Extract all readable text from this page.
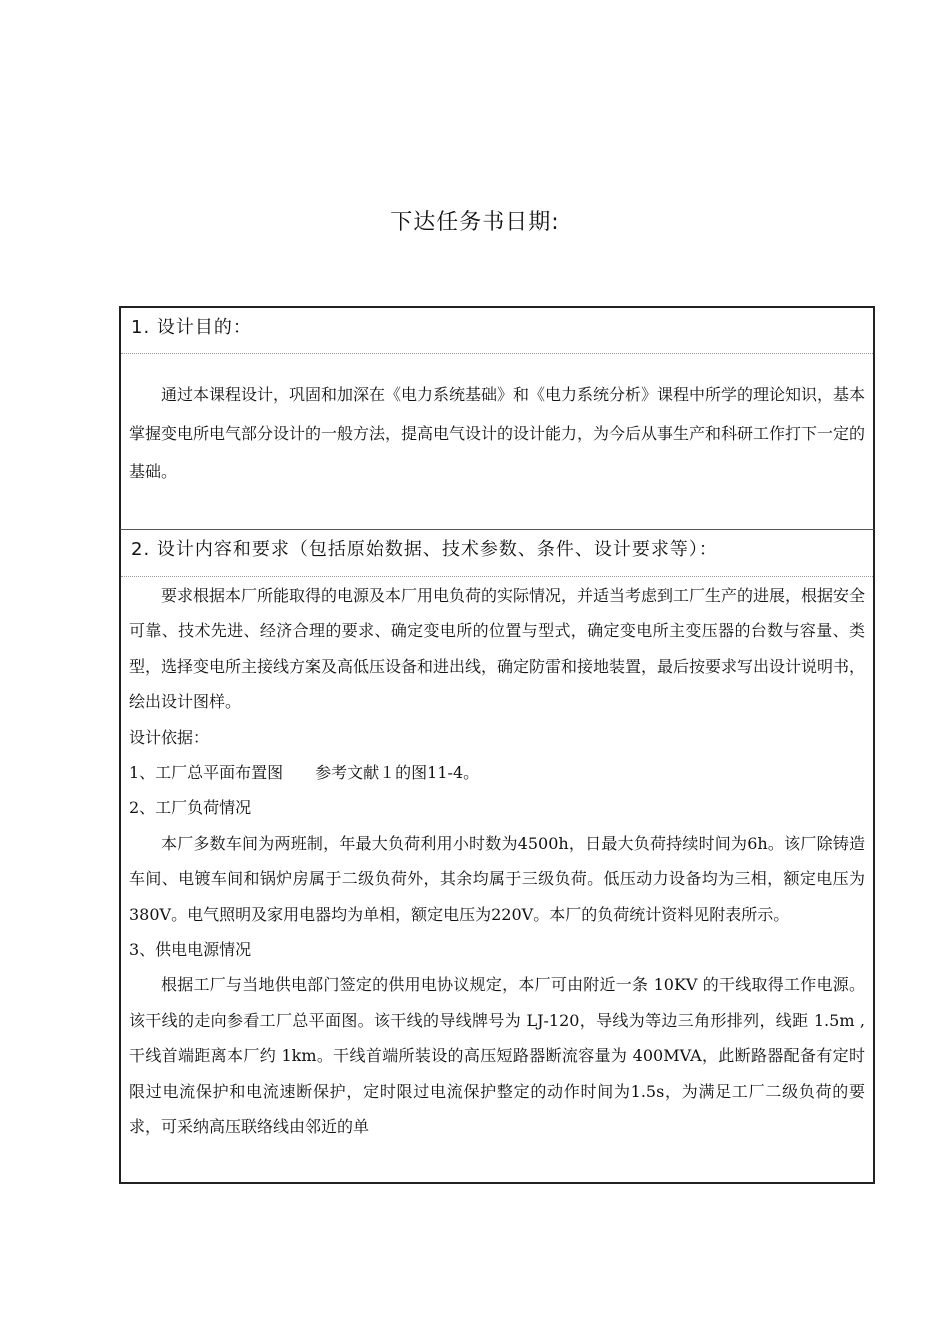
下达任务书日期:
1. 设计目的：

通过本课程设计，巩固和加深在《电力系统基础》和《电力系统分析》课程中所学的理论知识，基本掌握变电所电气部分设计的一般方法，提高电气设计的设计能力，为今后从事生产和科研工作打下一定的基础。

2. 设计内容和要求（包括原始数据、技术参数、条件、设计要求等）：

要求根据本厂所能取得的电源及本厂用电负荷的实际情况，并适当考虑到工厂生产的进展，根据安全可靠、技术先进、经济合理的要求、确定变电所的位置与型式，确定变电所主变压器的台数与容量、类型，选择变电所主接线方案及高低压设备和进出线，确定防雷和接地装置，最后按要求写出设计说明书，绘出设计图样。

设计依据：

1、工厂总平面布置图　　参考文献１的图11-4。

2、工厂负荷情况

本厂多数车间为两班制，年最大负荷利用小时数为4500h，日最大负荷持续时间为6h。该厂除铸造车间、电镀车间和锅炉房属于二级负荷外，其余均属于三级负荷。低压动力设备均为三相，额定电压为380V。电气照明及家用电器均为单相，额定电压为220V。本厂的负荷统计资料见附表所示。

3、供电电源情况

根据工厂与当地供电部门签定的供用电协议规定，本厂可由附近一条 10KV 的干线取得工作电源。该干线的走向参看工厂总平面图。该干线的导线牌号为 LJ-120，导线为等边三角形排列，线距 1.5m ,干线首端距离本厂约 1km。干线首端所装设的高压短路器断流容量为 400MVA，此断路器配备有定时限过电流保护和电流速断保护，定时限过电流保护整定的动作时间为1.5s，为满足工厂二级负荷的要求，可采纳高压联络线由邻近的单
